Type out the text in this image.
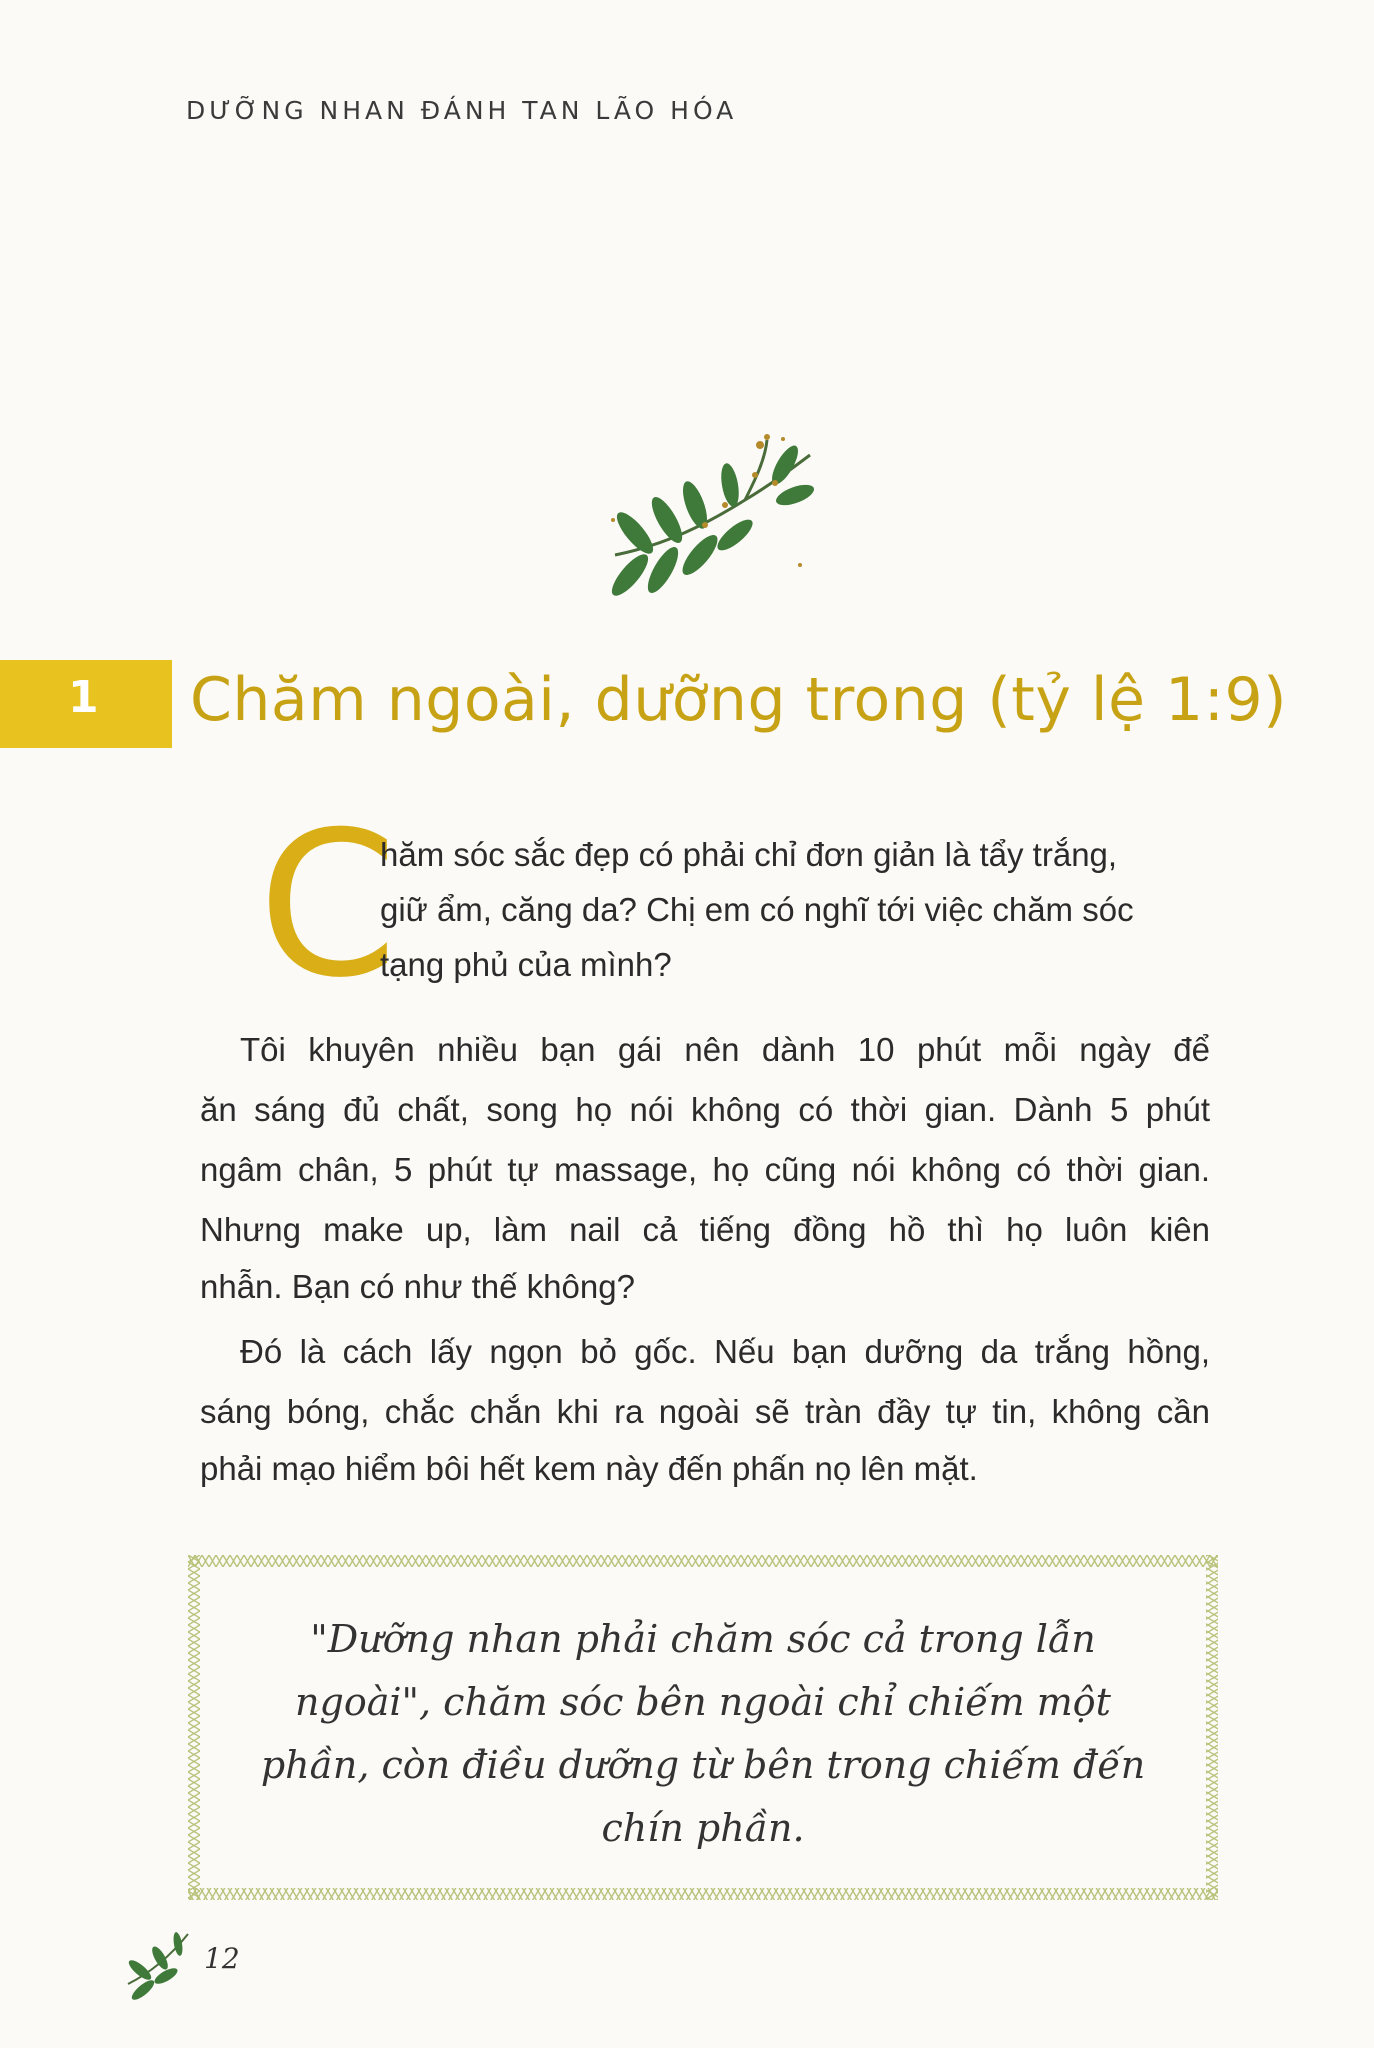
DƯỠNG NHAN ĐÁNH TAN LÃO HÓA
1 Chăm ngoài, dưỡng trong (tỷ lệ 1:9)
C
hăm sóc sắc đẹp có phải chỉ đơn giản là tẩy trắng,
giữ ẩm, căng da? Chị em có nghĩ tới việc chăm sóc
tạng phủ của mình?
Tôi khuyên nhiều bạn gái nên dành 10 phút mỗi ngày để
ăn sáng đủ chất, song họ nói không có thời gian. Dành 5 phút
ngâm chân, 5 phút tự massage, họ cũng nói không có thời gian.
Nhưng make up, làm nail cả tiếng đồng hồ thì họ luôn kiên
nhẫn. Bạn có như thế không?
Đó là cách lấy ngọn bỏ gốc. Nếu bạn dưỡng da trắng hồng,
sáng bóng, chắc chắn khi ra ngoài sẽ tràn đầy tự tin, không cần
phải mạo hiểm bôi hết kem này đến phấn nọ lên mặt.
"Dưỡng nhan phải chăm sóc cả trong lẫn
ngoài", chăm sóc bên ngoài chỉ chiếm một
phần, còn điều dưỡng từ bên trong chiếm đến
chín phần.
12
